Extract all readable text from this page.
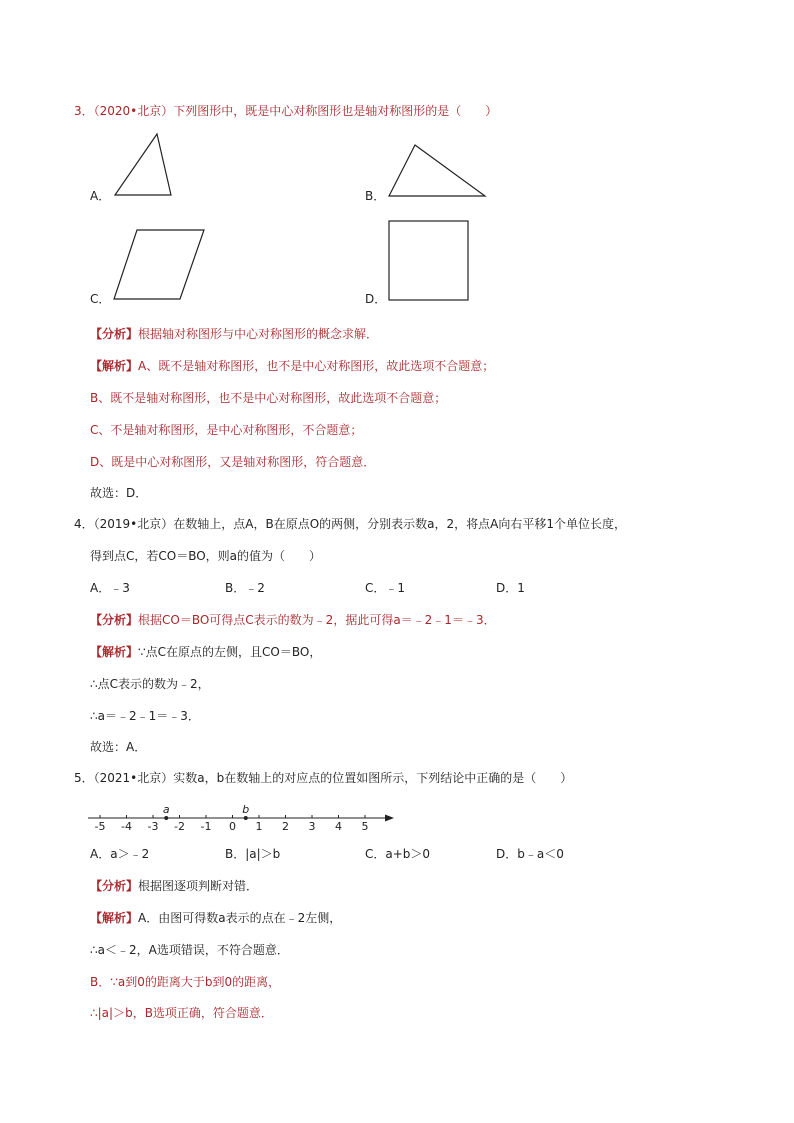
3．（2020•北京）下列图形中，既是中心对称图形也是轴对称图形的是（　　）
A．	B．
C．	D．
【分析】根据轴对称图形与中心对称图形的概念求解．
【解析】A、既不是轴对称图形，也不是中心对称图形，故此选项不合题意；
B、既不是轴对称图形，也不是中心对称图形，故此选项不合题意；
C、不是轴对称图形，是中心对称图形，不合题意；
D、既是中心对称图形，又是轴对称图形，符合题意．
故选：D．
4．（2019•北京）在数轴上，点A，B在原点O的两侧，分别表示数a，2，将点A向右平移1个单位长度，
得到点C，若CO＝BO，则a的值为（　　）
A．﹣3	B．﹣2	C．﹣1	D．1
【分析】根据CO＝BO可得点C表示的数为﹣2，据此可得a＝﹣2﹣1＝﹣3．
【解析】∵点C在原点的左侧，且CO＝BO，
∴点C表示的数为﹣2，
∴a＝﹣2﹣1＝﹣3．
故选：A．
5．（2021•北京）实数a，b在数轴上的对应点的位置如图所示，下列结论中正确的是（　　）
-5 -4 -3 -2 -1 0 1 2 3 4 5
a	b
A．a＞﹣2	B．|a|＞b	C．a+b＞0	D．b﹣a＜0
【分析】根据图逐项判断对错．
【解析】A．由图可得数a表示的点在﹣2左侧，
∴a＜﹣2，A选项错误，不符合题意．
B．∵a到0的距离大于b到0的距离，
∴|a|＞b，B选项正确，符合题意．
